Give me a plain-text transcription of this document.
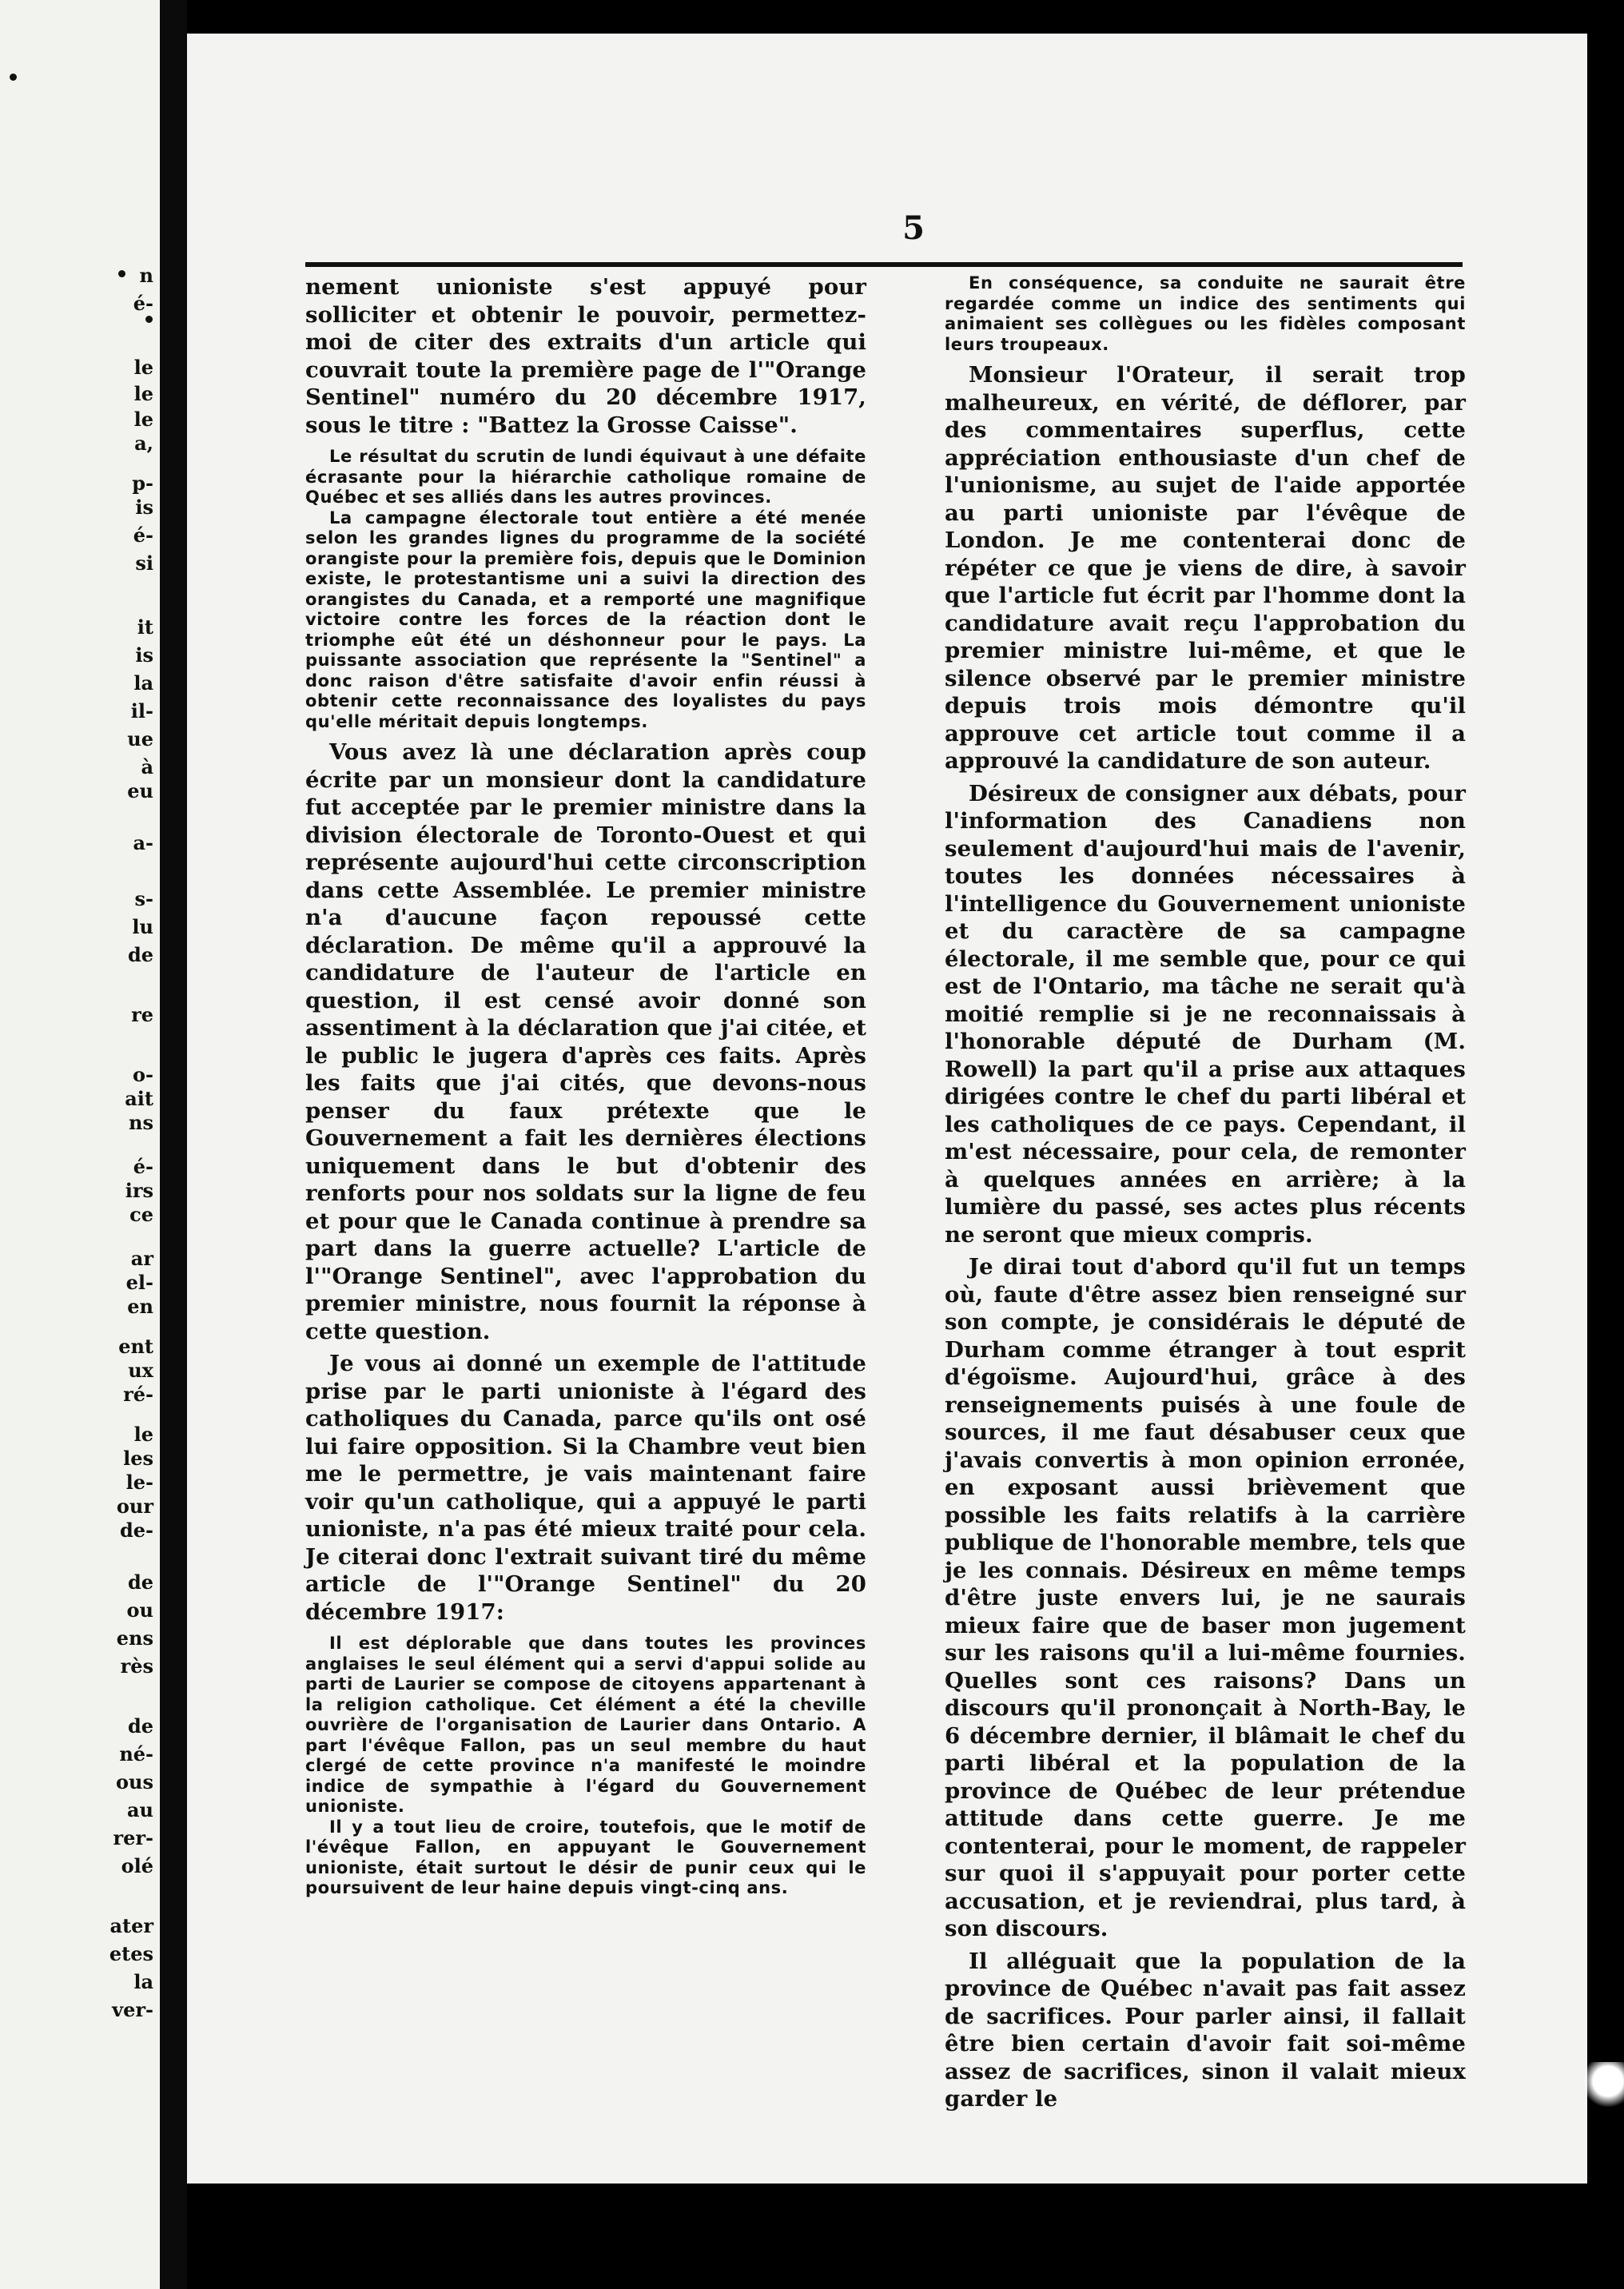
n
é-
le
le
le
a,
p-
is
é-
si
it
is
la
il-
ue
à
eu
a-
s-
lu
de
re
o-
ait
ns
é-
irs
ce
ar
el-
en
ent
ux
ré-
le
les
le-
our
de-
de
ou
ens
rès
de
né-
ous
au
rer-
olé
ater
etes
la
ver-
5

nement unioniste s'est appuyé pour solliciter et obtenir le pouvoir, permettez-moi de citer des extraits d'un article qui couvrait toute la première page de l'"Orange Sentinel" numéro du 20 décembre 1917, sous le titre : "Battez la Grosse Caisse".

Le résultat du scrutin de lundi équivaut à une défaite écrasante pour la hiérarchie catholique romaine de Québec et ses alliés dans les autres provinces.

La campagne électorale tout entière a été menée selon les grandes lignes du programme de la société orangiste pour la première fois, depuis que le Dominion existe, le protestantisme uni a suivi la direction des orangistes du Canada, et a remporté une magnifique victoire contre les forces de la réaction dont le triomphe eût été un déshonneur pour le pays. La puissante association que représente la "Sentinel" a donc raison d'être satisfaite d'avoir enfin réussi à obtenir cette reconnaissance des loyalistes du pays qu'elle méritait depuis longtemps.

Vous avez là une déclaration après coup écrite par un monsieur dont la candidature fut acceptée par le premier ministre dans la division électorale de Toronto-Ouest et qui représente aujourd'hui cette circonscription dans cette Assemblée. Le premier ministre n'a d'aucune façon repoussé cette déclaration. De même qu'il a approuvé la candidature de l'auteur de l'article en question, il est censé avoir donné son assentiment à la déclaration que j'ai citée, et le public le jugera d'après ces faits. Après les faits que j'ai cités, que devons-nous penser du faux prétexte que le Gouvernement a fait les dernières élections uniquement dans le but d'obtenir des renforts pour nos soldats sur la ligne de feu et pour que le Canada continue à prendre sa part dans la guerre actuelle? L'article de l'"Orange Sentinel", avec l'approbation du premier ministre, nous fournit la réponse à cette question.

Je vous ai donné un exemple de l'attitude prise par le parti unioniste à l'égard des catholiques du Canada, parce qu'ils ont osé lui faire opposition. Si la Chambre veut bien me le permettre, je vais maintenant faire voir qu'un catholique, qui a appuyé le parti unioniste, n'a pas été mieux traité pour cela. Je citerai donc l'extrait suivant tiré du même article de l'"Orange Sentinel" du 20 décembre 1917:

Il est déplorable que dans toutes les provinces anglaises le seul élément qui a servi d'appui solide au parti de Laurier se compose de citoyens appartenant à la religion catholique. Cet élément a été la cheville ouvrière de l'organisation de Laurier dans Ontario. A part l'évêque Fallon, pas un seul membre du haut clergé de cette province n'a manifesté le moindre indice de sympathie à l'égard du Gouvernement unioniste.

Il y a tout lieu de croire, toutefois, que le motif de l'évêque Fallon, en appuyant le Gouvernement unioniste, était surtout le désir de punir ceux qui le poursuivent de leur haine depuis vingt-cinq ans.

En conséquence, sa conduite ne saurait être regardée comme un indice des sentiments qui animaient ses collègues ou les fidèles composant leurs troupeaux.

Monsieur l'Orateur, il serait trop malheureux, en vérité, de déflorer, par des commentaires superflus, cette appréciation enthousiaste d'un chef de l'unionisme, au sujet de l'aide apportée au parti unioniste par l'évêque de London. Je me contenterai donc de répéter ce que je viens de dire, à savoir que l'article fut écrit par l'homme dont la candidature avait reçu l'approbation du premier ministre lui-même, et que le silence observé par le premier ministre depuis trois mois démontre qu'il approuve cet article tout comme il a approuvé la candidature de son auteur.

Désireux de consigner aux débats, pour l'information des Canadiens non seulement d'aujourd'hui mais de l'avenir, toutes les données nécessaires à l'intelligence du Gouvernement unioniste et du caractère de sa campagne électorale, il me semble que, pour ce qui est de l'Ontario, ma tâche ne serait qu'à moitié remplie si je ne reconnaissais à l'honorable député de Durham (M. Rowell) la part qu'il a prise aux attaques dirigées contre le chef du parti libéral et les catholiques de ce pays. Cependant, il m'est nécessaire, pour cela, de remonter à quelques années en arrière; à la lumière du passé, ses actes plus récents ne seront que mieux compris.

Je dirai tout d'abord qu'il fut un temps où, faute d'être assez bien renseigné sur son compte, je considérais le député de Durham comme étranger à tout esprit d'égoïsme. Aujourd'hui, grâce à des renseignements puisés à une foule de sources, il me faut désabuser ceux que j'avais convertis à mon opinion erronée, en exposant aussi brièvement que possible les faits relatifs à la carrière publique de l'honorable membre, tels que je les connais. Désireux en même temps d'être juste envers lui, je ne saurais mieux faire que de baser mon jugement sur les raisons qu'il a lui-même fournies. Quelles sont ces raisons? Dans un discours qu'il prononçait à North-Bay, le 6 décembre dernier, il blâmait le chef du parti libéral et la population de la province de Québec de leur prétendue attitude dans cette guerre. Je me contenterai, pour le moment, de rappeler sur quoi il s'appuyait pour porter cette accusation, et je reviendrai, plus tard, à son discours.

Il alléguait que la population de la province de Québec n'avait pas fait assez de sacrifices. Pour parler ainsi, il fallait être bien certain d'avoir fait soi-même assez de sacrifices, sinon il valait mieux garder le
